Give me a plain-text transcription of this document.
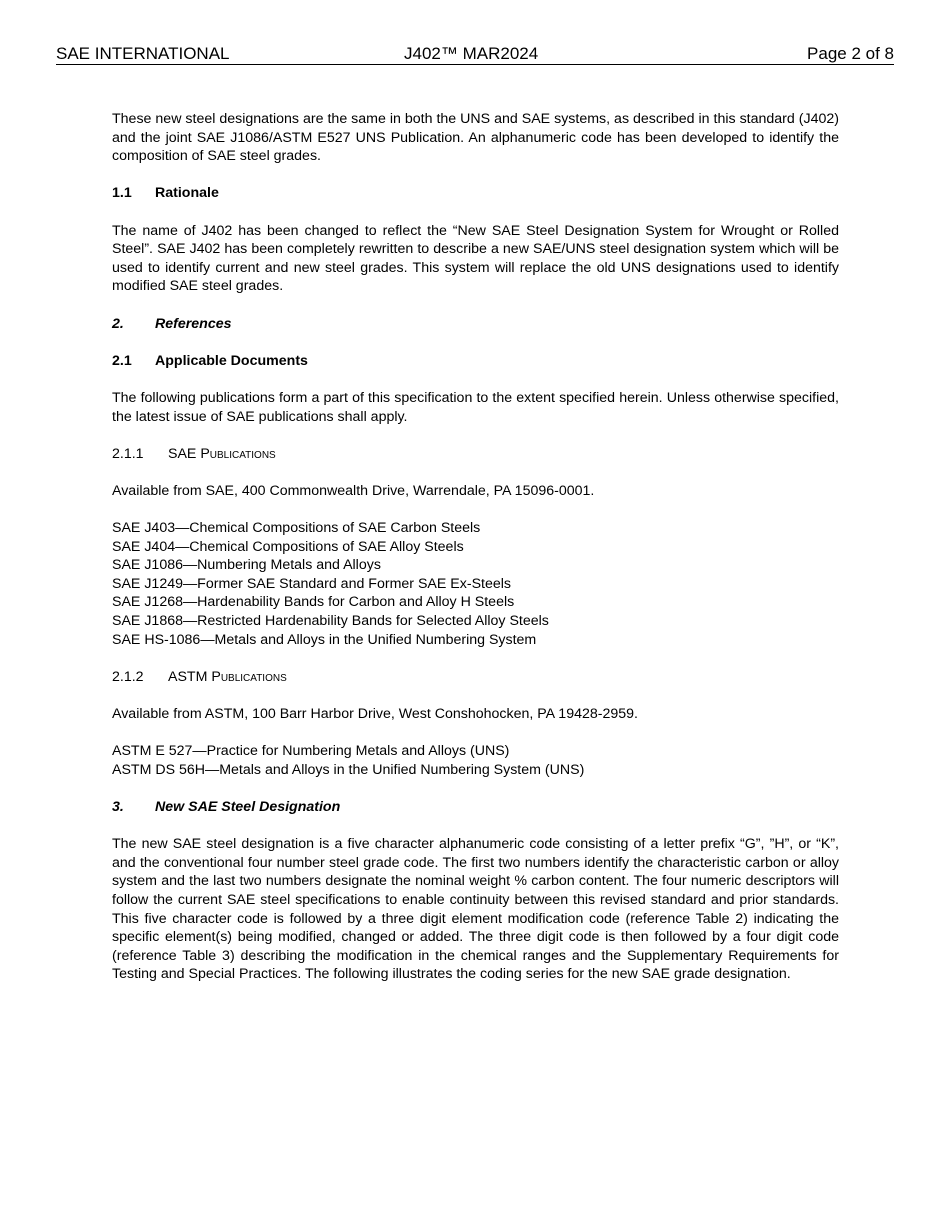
SAE INTERNATIONAL	J402™ MAR2024	Page 2 of 8

These new steel designations are the same in both the UNS and SAE systems, as described in this standard (J402) and the joint SAE J1086/ASTM E527 UNS Publication. An alphanumeric code has been developed to identify the composition of SAE steel grades.

1.1 Rationale

The name of J402 has been changed to reflect the “New SAE Steel Designation System for Wrought or Rolled Steel”. SAE J402 has been completely rewritten to describe a new SAE/UNS steel designation system which will be used to identify current and new steel grades. This system will replace the old UNS designations used to identify modified SAE steel grades.

2. References
2.1 Applicable Documents

The following publications form a part of this specification to the extent specified herein. Unless otherwise specified, the latest issue of SAE publications shall apply.

2.1.1 SAE Publications

Available from SAE, 400 Commonwealth Drive, Warrendale, PA 15096-0001.

SAE J403—Chemical Compositions of SAE Carbon Steels
SAE J404—Chemical Compositions of SAE Alloy Steels
SAE J1086—Numbering Metals and Alloys
SAE J1249—Former SAE Standard and Former SAE Ex-Steels
SAE J1268—Hardenability Bands for Carbon and Alloy H Steels
SAE J1868—Restricted Hardenability Bands for Selected Alloy Steels
SAE HS-1086—Metals and Alloys in the Unified Numbering System
2.1.2 ASTM Publications

Available from ASTM, 100 Barr Harbor Drive, West Conshohocken, PA 19428-2959.

ASTM E 527—Practice for Numbering Metals and Alloys (UNS)
ASTM DS 56H—Metals and Alloys in the Unified Numbering System (UNS)
3. New SAE Steel Designation

The new SAE steel designation is a five character alphanumeric code consisting of a letter prefix “G”, ”H”, or “K”, and the conventional four number steel grade code. The first two numbers identify the characteristic carbon or alloy system and the last two numbers designate the nominal weight % carbon content. The four numeric descriptors will follow the current SAE steel specifications to enable continuity between this revised standard and prior standards. This five character code is followed by a three digit element modification code (reference Table 2) indicating the specific element(s) being modified, changed or added. The three digit code is then followed by a four digit code (reference Table 3) describing the modification in the chemical ranges and the Supplementary Requirements for Testing and Special Practices. The following illustrates the coding series for the new SAE grade designation.
